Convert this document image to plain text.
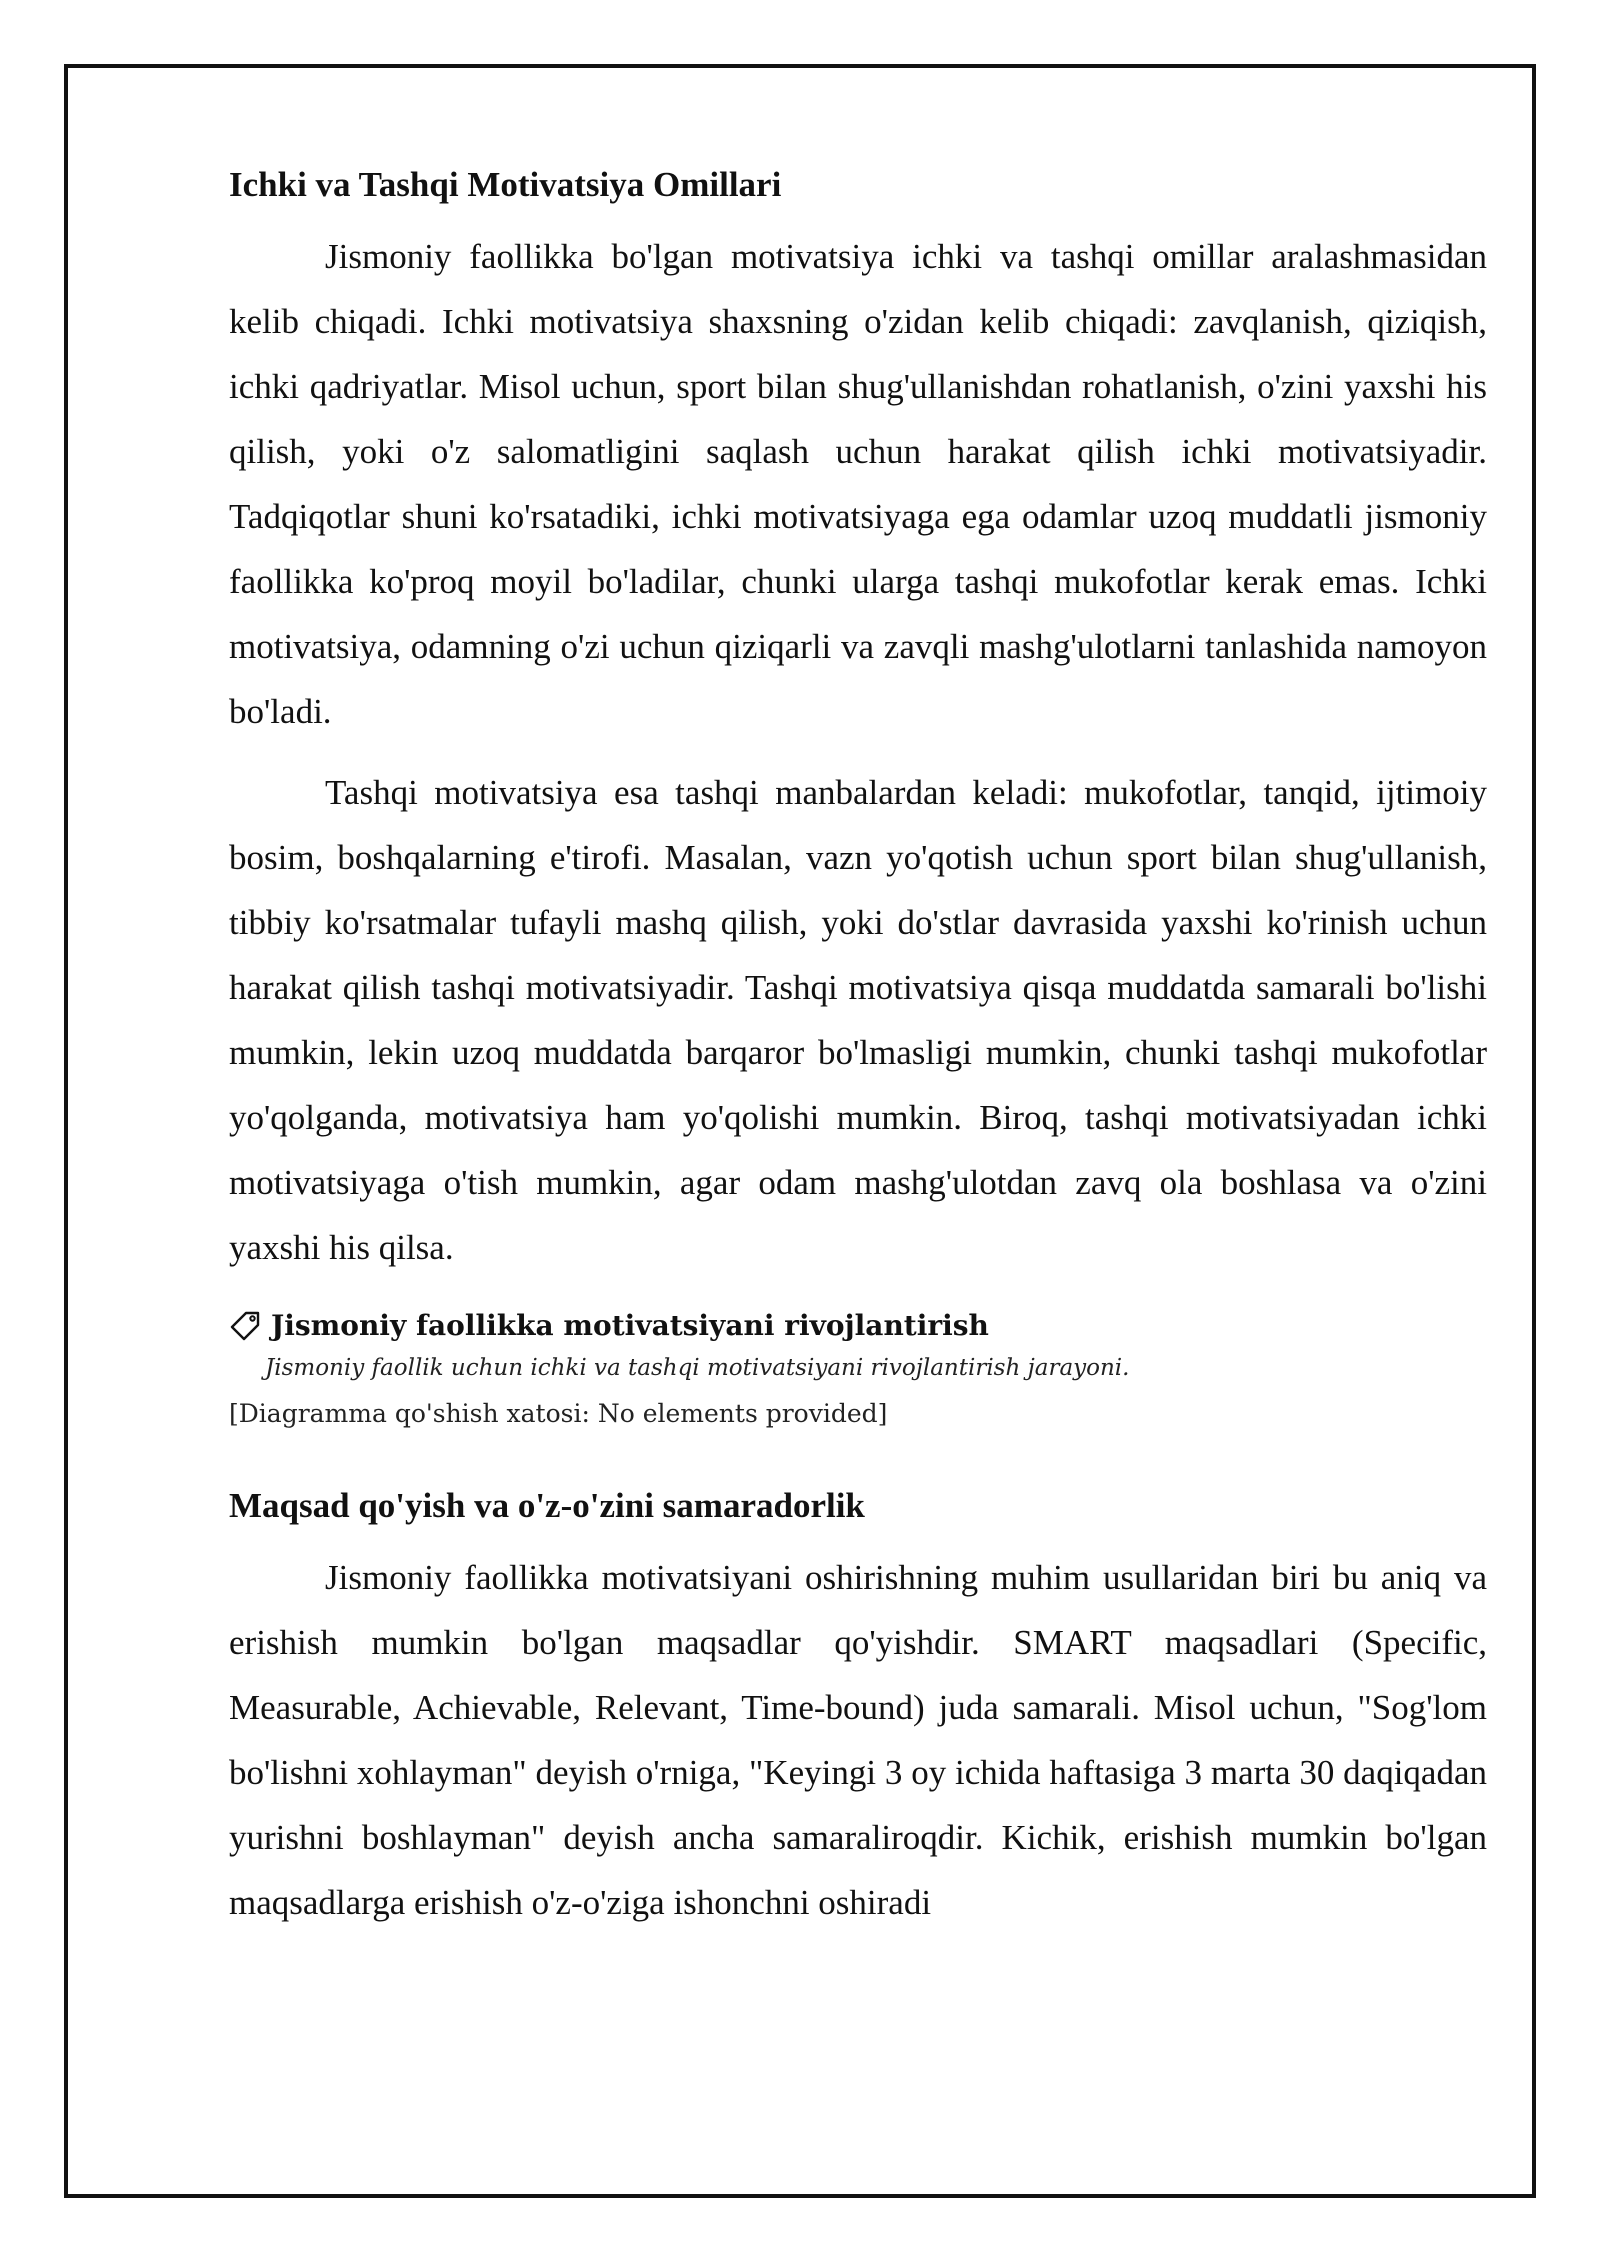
Ichki va Tashqi Motivatsiya Omillari

Jismoniy faollikka bo'lgan motivatsiya ichki va tashqi omillar aralashmasidan kelib chiqadi. Ichki motivatsiya shaxsning o'zidan kelib chiqadi: zavqlanish, qiziqish, ichki qadriyatlar. Misol uchun, sport bilan shug'ullanishdan rohatlanish, o'zini yaxshi his qilish, yoki o'z salomatligini saqlash uchun harakat qilish ichki motivatsiyadir. Tadqiqotlar shuni ko'rsatadiki, ichki motivatsiyaga ega odamlar uzoq muddatli jismoniy faollikka ko'proq moyil bo'ladilar, chunki ularga tashqi mukofotlar kerak emas. Ichki motivatsiya, odamning o'zi uchun qiziqarli va zavqli mashg'ulotlarni tanlashida namoyon bo'ladi.

Tashqi motivatsiya esa tashqi manbalardan keladi: mukofotlar, tanqid, ijtimoiy bosim, boshqalarning e'tirofi. Masalan, vazn yo'qotish uchun sport bilan shug'ullanish, tibbiy ko'rsatmalar tufayli mashq qilish, yoki do'stlar davrasida yaxshi ko'rinish uchun harakat qilish tashqi motivatsiyadir. Tashqi motivatsiya qisqa muddatda samarali bo'lishi mumkin, lekin uzoq muddatda barqaror bo'lmasligi mumkin, chunki tashqi mukofotlar yo'qolganda, motivatsiya ham yo'qolishi mumkin. Biroq, tashqi motivatsiyadan ichki motivatsiyaga o'tish mumkin, agar odam mashg'ulotdan zavq ola boshlasa va o'zini yaxshi his qilsa.

Jismoniy faollikka motivatsiyani rivojlantirish
Jismoniy faollik uchun ichki va tashqi motivatsiyani rivojlantirish jarayoni.
[Diagramma qo'shish xatosi: No elements provided]
Maqsad qo'yish va o'z-o'zini samaradorlik

Jismoniy faollikka motivatsiyani oshirishning muhim usullaridan biri bu aniq va erishish mumkin bo'lgan maqsadlar qo'yishdir. SMART maqsadlari (Specific, Measurable, Achievable, Relevant, Time-bound) juda samarali. Misol uchun, "Sog'lom bo'lishni xohlayman" deyish o'rniga, "Keyingi 3 oy ichida haftasiga 3 marta 30 daqiqadan yurishni boshlayman" deyish ancha samaraliroqdir. Kichik, erishish mumkin bo'lgan maqsadlarga erishish o'z-o'ziga ishonchni oshiradi
